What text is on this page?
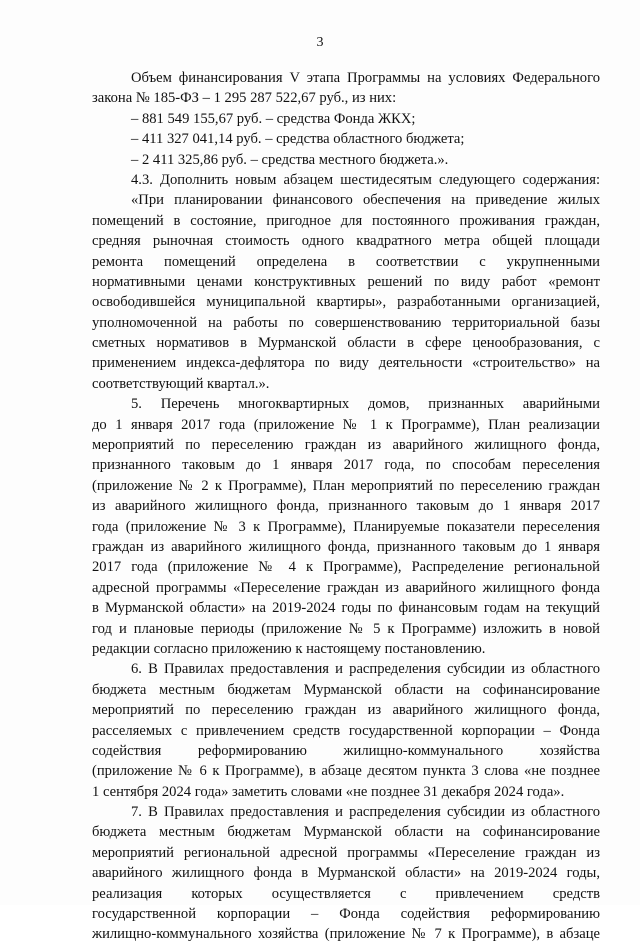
3
Объем финансирования V этапа Программы на условиях Федерального
закона № 185-ФЗ – 1 295 287 522,67 руб., из них:
– 881 549 155,67 руб. – средства Фонда ЖКХ;
– 411 327 041,14 руб. – средства областного бюджета;
– 2 411 325,86 руб. – средства местного бюджета.».
4.3. Дополнить новым абзацем шестидесятым следующего содержания:
«При планировании финансового обеспечения на приведение жилых
помещений в состояние, пригодное для постоянного проживания граждан,
средняя рыночная стоимость одного квадратного метра общей площади
ремонта помещений определена в соответствии с укрупненными
нормативными ценами конструктивных решений по виду работ «ремонт
освободившейся муниципальной квартиры», разработанными организацией,
уполномоченной на работы по совершенствованию территориальной базы
сметных нормативов в Мурманской области в сфере ценообразования, с
применением индекса-дефлятора по виду деятельности «строительство» на
соответствующий квартал.».
5. Перечень многоквартирных домов, признанных аварийными
до 1 января 2017 года (приложение № 1 к Программе), План реализации
мероприятий по переселению граждан из аварийного жилищного фонда,
признанного таковым до 1 января 2017 года, по способам переселения
(приложение № 2 к Программе), План мероприятий по переселению граждан
из аварийного жилищного фонда, признанного таковым до 1 января 2017
года (приложение № 3 к Программе), Планируемые показатели переселения
граждан из аварийного жилищного фонда, признанного таковым до 1 января
2017 года (приложение № 4 к Программе), Распределение региональной
адресной программы «Переселение граждан из аварийного жилищного фонда
в Мурманской области» на 2019-2024 годы по финансовым годам на текущий
год и плановые периоды (приложение № 5 к Программе) изложить в новой
редакции согласно приложению к настоящему постановлению.
6. В Правилах предоставления и распределения субсидии из областного
бюджета местным бюджетам Мурманской области на софинансирование
мероприятий по переселению граждан из аварийного жилищного фонда,
расселяемых с привлечением средств государственной корпорации – Фонда
содействия реформированию жилищно-коммунального хозяйства
(приложение № 6 к Программе), в абзаце десятом пункта 3 слова «не позднее
1 сентября 2024 года» заметить словами «не позднее 31 декабря 2024 года».
7. В Правилах предоставления и распределения субсидии из областного
бюджета местным бюджетам Мурманской области на софинансирование
мероприятий региональной адресной программы «Переселение граждан из
аварийного жилищного фонда в Мурманской области» на 2019-2024 годы,
реализация которых осуществляется с привлечением средств
государственной корпорации – Фонда содействия реформированию
жилищно-коммунального хозяйства (приложение № 7 к Программе), в абзаце
